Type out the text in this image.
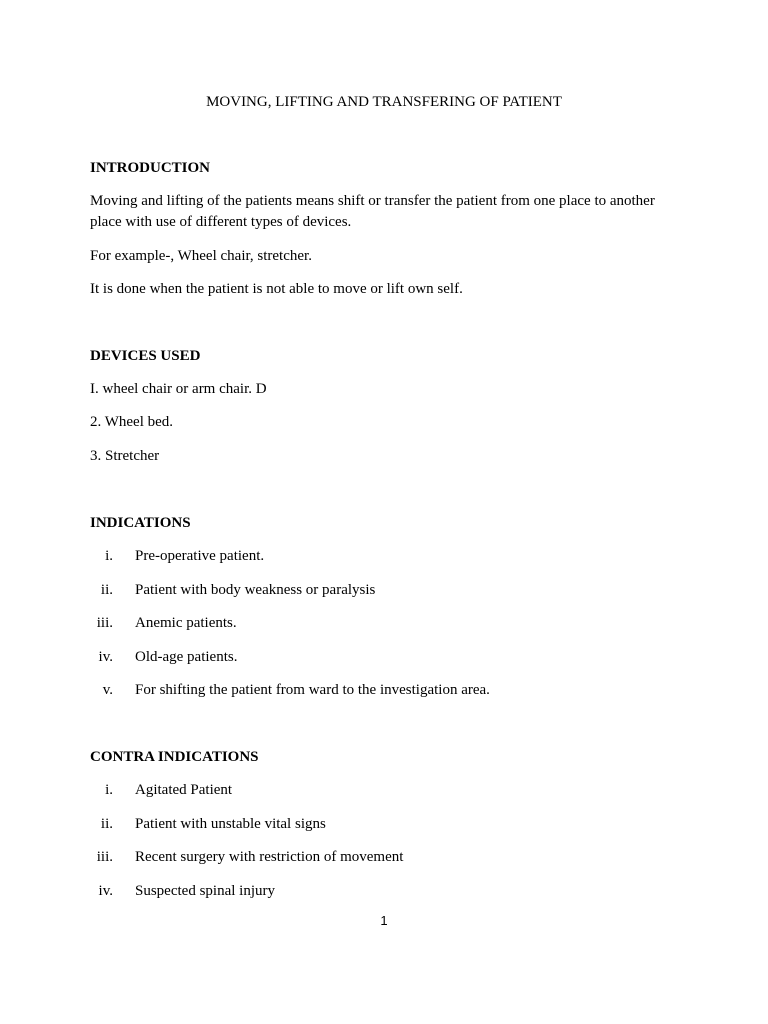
MOVING, LIFTING AND TRANSFERING OF PATIENT
INTRODUCTION

Moving and lifting of the patients means shift or transfer the patient from one place to another place with use of different types of devices.

For example-, Wheel chair, stretcher.

It is done when the patient is not able to move or lift own self.

DEVICES USED

I. wheel chair or arm chair. D

2. Wheel bed.

3. Stretcher

INDICATIONS
i. Pre-operative patient.
ii. Patient with body weakness or paralysis
iii. Anemic patients.
iv. Old-age patients.
v. For shifting the patient from ward to the investigation area.
CONTRA INDICATIONS
i. Agitated Patient
ii. Patient with unstable vital signs
iii. Recent surgery with restriction of movement
iv. Suspected spinal injury
1
